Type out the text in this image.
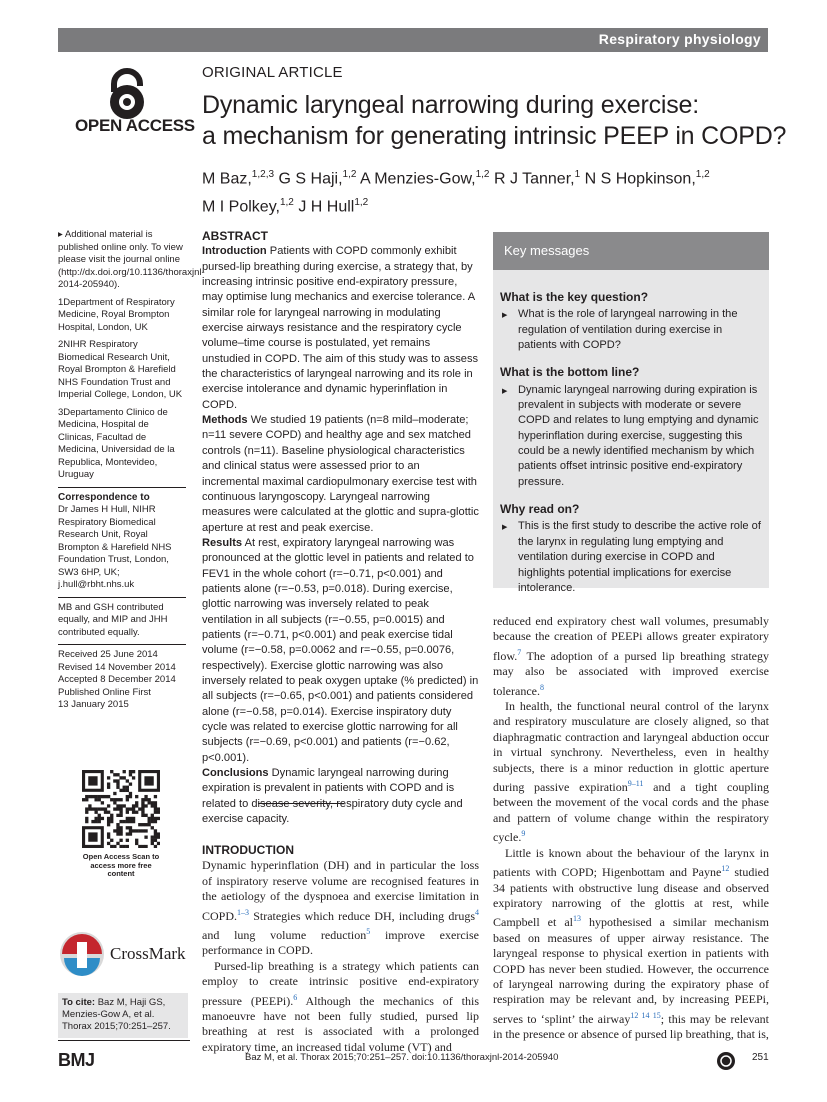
Respiratory physiology
OPEN ACCESS
ORIGINAL ARTICLE
Dynamic laryngeal narrowing during exercise:
a mechanism for generating intrinsic PEEP in COPD?
M Baz,$^{1,2,3}$ G S Haji,$^{1,2}$ A Menzies-Gow,$^{1,2}$ R J Tanner,$^1$ N S Hopkinson,$^{1,2}$
M I Polkey,$^{1,2}$ J H Hull$^{1,2}$

▸ Additional material is published online only. To view please visit the journal online (http://dx.doi.org/10.1136/thoraxjnl-2014-205940).

1Department of Respiratory Medicine, Royal Brompton Hospital, London, UK

2NIHR Respiratory Biomedical Research Unit, Royal Brompton & Harefield NHS Foundation Trust and Imperial College, London, UK

3Departamento Clinico de Medicina, Hospital de Clinicas, Facultad de Medicina, Universidad de la Republica, Montevideo, Uruguay

Correspondence to

Dr James H Hull, NIHR Respiratory Biomedical Research Unit, Royal Brompton & Harefield NHS Foundation Trust, London, SW3 6HP, UK; j.hull@rbht.nhs.uk

MB and GSH contributed equally, and MIP and JHH contributed equally.

Received 25 June 2014
Revised 14 November 2014
Accepted 8 December 2014
Published Online First
13 January 2015
Open Access Scan to access more free content
CrossMark
To cite: Baz M, Haji GS, Menzies-Gow A, et al. Thorax 2015;70:251–257.
ABSTRACT

Introduction Patients with COPD commonly exhibit pursed-lip breathing during exercise, a strategy that, by increasing intrinsic positive end-expiratory pressure, may optimise lung mechanics and exercise tolerance. A similar role for laryngeal narrowing in modulating exercise airways resistance and the respiratory cycle volume–time course is postulated, yet remains unstudied in COPD. The aim of this study was to assess the characteristics of laryngeal narrowing and its role in exercise intolerance and dynamic hyperinflation in COPD.

Methods We studied 19 patients (n=8 mild–moderate; n=11 severe COPD) and healthy age and sex matched controls (n=11). Baseline physiological characteristics and clinical status were assessed prior to an incremental maximal cardiopulmonary exercise test with continuous laryngoscopy. Laryngeal narrowing measures were calculated at the glottic and supra-glottic aperture at rest and peak exercise.

Results At rest, expiratory laryngeal narrowing was pronounced at the glottic level in patients and related to FEV1 in the whole cohort (r=−0.71, p<0.001) and patients alone (r=−0.53, p=0.018). During exercise, glottic narrowing was inversely related to peak ventilation in all subjects (r=−0.55, p=0.0015) and patients (r=−0.71, p<0.001) and peak exercise tidal volume (r=−0.58, p=0.0062 and r=−0.55, p=0.0076, respectively). Exercise glottic narrowing was also inversely related to peak oxygen uptake (% predicted) in all subjects (r=−0.65, p<0.001) and patients considered alone (r=−0.58, p=0.014). Exercise inspiratory duty cycle was related to exercise glottic narrowing for all subjects (r=−0.69, p<0.001) and patients (r=−0.62, p<0.001).

Conclusions Dynamic laryngeal narrowing during expiration is prevalent in patients with COPD and is related to disease severity, respiratory duty cycle and exercise capacity.

Key messages
What is the key question?
▶ What is the role of laryngeal narrowing in the regulation of ventilation during exercise in patients with COPD?
What is the bottom line?
▶ Dynamic laryngeal narrowing during expiration is prevalent in subjects with moderate or severe COPD and relates to lung emptying and dynamic hyperinflation during exercise, suggesting this could be a newly identified mechanism by which patients offset intrinsic positive end-expiratory pressure.
Why read on?
▶ This is the first study to describe the active role of the larynx in regulating lung emptying and ventilation during exercise in COPD and highlights potential implications for exercise intolerance.
INTRODUCTION

Dynamic hyperinflation (DH) and in particular the loss of inspiratory reserve volume are recognised features in the aetiology of the dyspnoea and exercise limitation in COPD.$^{1-3}$ Strategies which reduce DH, including drugs$^4$ and lung volume reduction$^5$ improve exercise performance in COPD.

Pursed-lip breathing is a strategy which patients can employ to create intrinsic positive end-expiratory pressure (PEEPi).$^6$ Although the mechanics of this manoeuvre have not been fully studied, pursed lip breathing at rest is associated with a prolonged expiratory time, an increased tidal volume (VT) and

reduced end expiratory chest wall volumes, presumably because the creation of PEEPi allows greater expiratory flow.$^7$ The adoption of a pursed lip breathing strategy may also be associated with improved exercise tolerance.$^8$

In health, the functional neural control of the larynx and respiratory musculature are closely aligned, so that diaphragmatic contraction and laryngeal abduction occur in virtual synchrony. Nevertheless, even in healthy subjects, there is a minor reduction in glottic aperture during passive expiration$^{9-11}$ and a tight coupling between the movement of the vocal cords and the phase and pattern of volume change within the respiratory cycle.$^9$

Little is known about the behaviour of the larynx in patients with COPD; Higenbottam and Payne$^{12}$ studied 34 patients with obstructive lung disease and observed expiratory narrowing of the glottis at rest, while Campbell et al$^{13}$ hypothesised a similar mechanism based on measures of upper airway resistance. The laryngeal response to physical exertion in patients with COPD has never been studied. However, the occurrence of laryngeal narrowing during the expiratory phase of respiration may be relevant and, by increasing PEEPi, serves to ‘splint’ the airway$^{12 14 15}$; this may be relevant in the presence or absence of pursed lip breathing, that is,

BMJ	Baz M, et al. Thorax 2015;70:251–257. doi:10.1136/thoraxjnl-2014-205940	251
